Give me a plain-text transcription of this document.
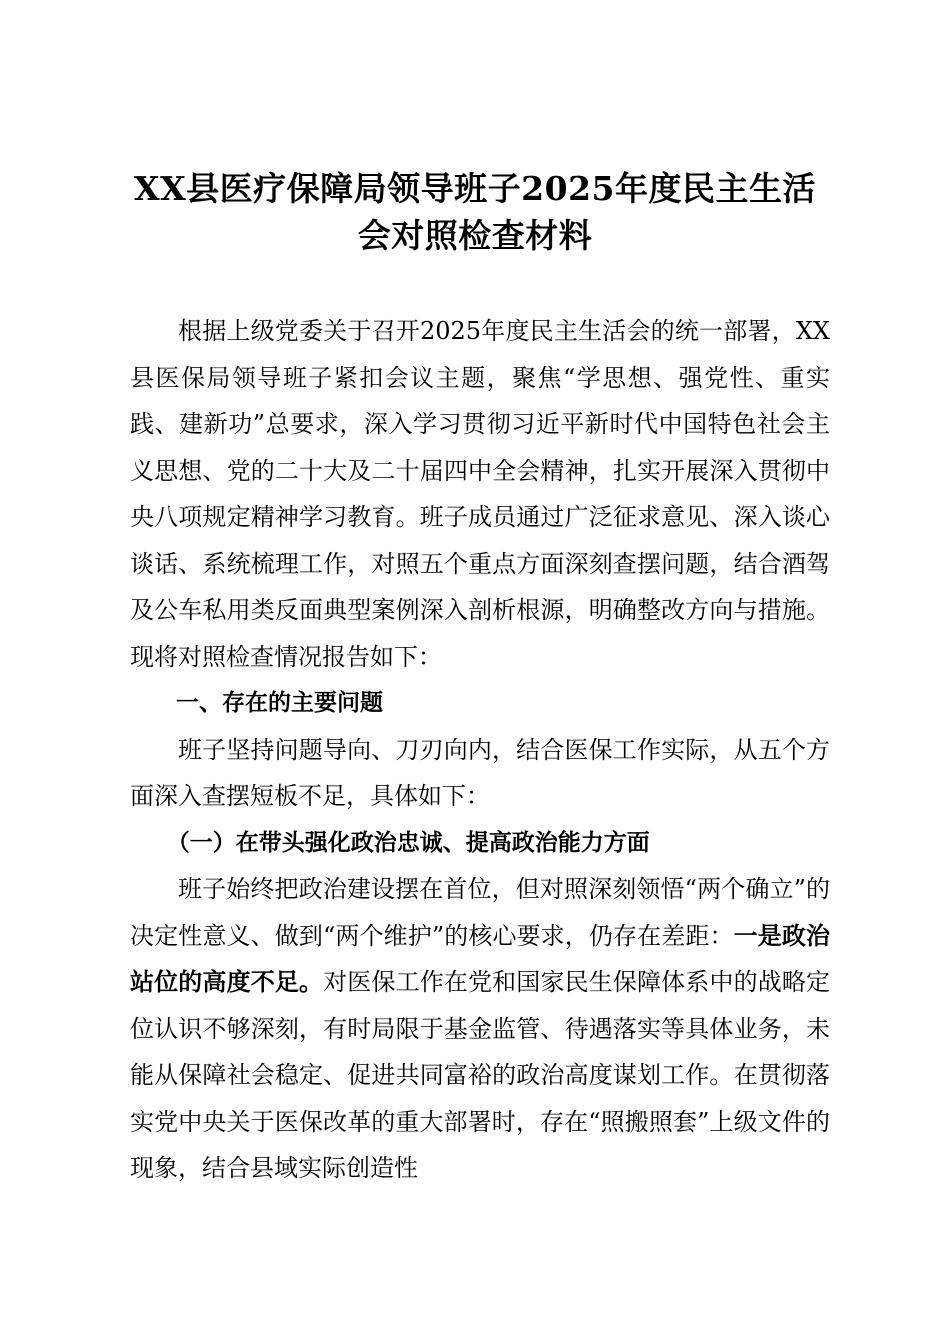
XX县医疗保障局领导班子2025年度民主生活
会对照检查材料

根据上级党委关于召开2025年度民主生活会的统一部署，XX县医保局领导班子紧扣会议主题，聚焦“学思想、强党性、重实践、建新功”总要求，深入学习贯彻习近平新时代中国特色社会主义思想、党的二十大及二十届四中全会精神，扎实开展深入贯彻中央八项规定精神学习教育。班子成员通过广泛征求意见、深入谈心谈话、系统梳理工作，对照五个重点方面深刻查摆问题，结合酒驾及公车私用类反面典型案例深入剖析根源，明确整改方向与措施。现将对照检查情况报告如下：

一、存在的主要问题

班子坚持问题导向、刀刃向内，结合医保工作实际，从五个方面深入查摆短板不足，具体如下：

（一）在带头强化政治忠诚、提高政治能力方面

班子始终把政治建设摆在首位，但对照深刻领悟“两个确立”的决定性意义、做到“两个维护”的核心要求，仍存在差距：一是政治站位的高度不足。对医保工作在党和国家民生保障体系中的战略定位认识不够深刻，有时局限于基金监管、待遇落实等具体业务，未能从保障社会稳定、促进共同富裕的政治高度谋划工作。在贯彻落实党中央关于医保改革的重大部署时，存在“照搬照套”上级文件的现象，结合县域实际创造性
